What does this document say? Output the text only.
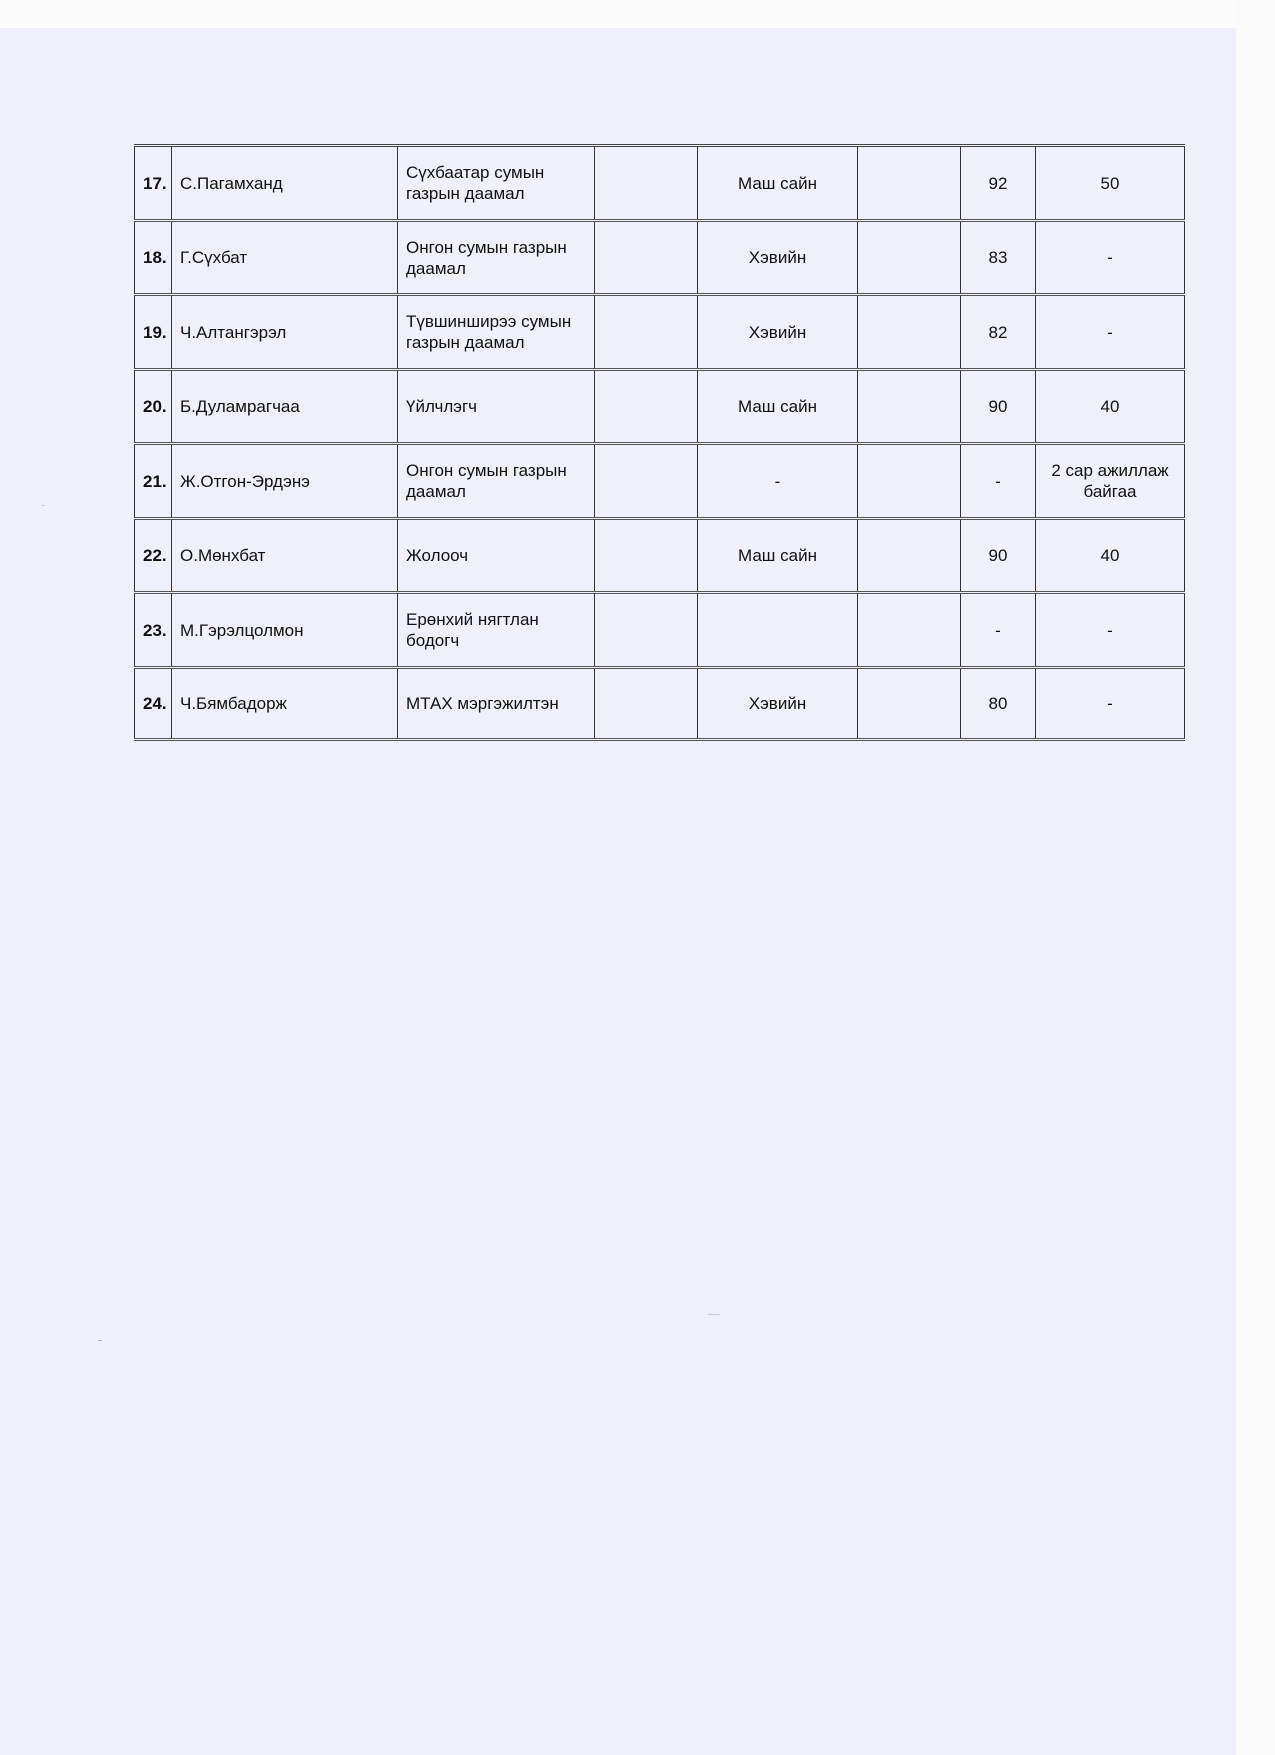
17.	С.Пагамханд	Сүхбаатар сумын газрын даамал		Маш сайн		92	50
18.	Г.Сүхбат	Онгон сумын газрын даамал		Хэвийн		83	-
19.	Ч.Алтангэрэл	Түвшинширээ сумын газрын даамал		Хэвийн		82	-
20.	Б.Дуламрагчаа	Үйлчлэгч		Маш сайн		90	40
21.	Ж.Отгон-Эрдэнэ	Онгон сумын газрын даамал		-		-	2 сар ажиллаж байгаа
22.	О.Мөнхбат	Жолооч		Маш сайн		90	40
23.	М.Гэрэлцолмон	Ерөнхий нягтлан бодогч				-	-
24.	Ч.Бямбадорж	МТАХ мэргэжилтэн		Хэвийн		80	-
